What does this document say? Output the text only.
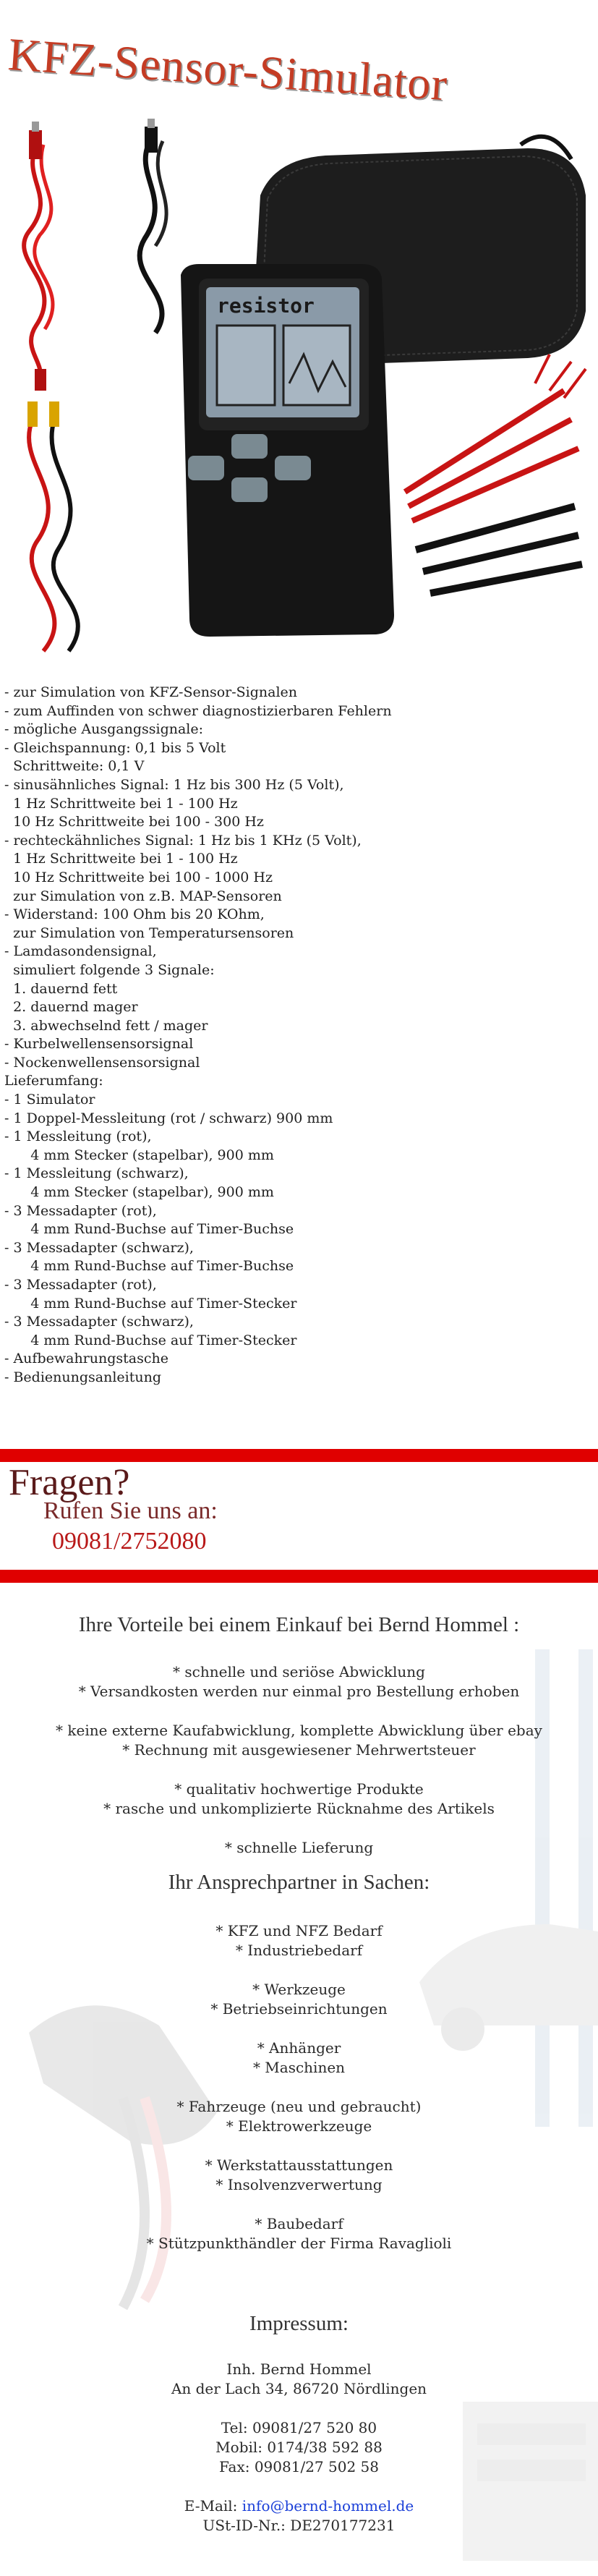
KFZ-Sensor-Simulator
resistor
- zur Simulation von KFZ-Sensor-Signalen
- zum Auffinden von schwer diagnostizierbaren Fehlern
- mögliche Ausgangssignale:
- Gleichspannung: 0,1 bis 5 Volt
Schrittweite: 0,1 V
- sinusähnliches Signal: 1 Hz bis 300 Hz (5 Volt),
1 Hz Schrittweite bei 1 - 100 Hz
10 Hz Schrittweite bei 100 - 300 Hz
- rechteckähnliches Signal: 1 Hz bis 1 KHz (5 Volt),
1 Hz Schrittweite bei 1 - 100 Hz
10 Hz Schrittweite bei 100 - 1000 Hz
zur Simulation von z.B. MAP-Sensoren
- Widerstand: 100 Ohm bis 20 KOhm,
zur Simulation von Temperatursensoren
- Lamdasondensignal,
simuliert folgende 3 Signale:
1. dauernd fett
2. dauernd mager
3. abwechselnd fett / mager
- Kurbelwellensensorsignal
- Nockenwellensensorsignal
Lieferumfang:
- 1 Simulator
- 1 Doppel-Messleitung (rot / schwarz) 900 mm
- 1 Messleitung (rot),
4 mm Stecker (stapelbar), 900 mm
- 1 Messleitung (schwarz),
4 mm Stecker (stapelbar), 900 mm
- 3 Messadapter (rot),
4 mm Rund-Buchse auf Timer-Buchse
- 3 Messadapter (schwarz),
4 mm Rund-Buchse auf Timer-Buchse
- 3 Messadapter (rot),
4 mm Rund-Buchse auf Timer-Stecker
- 3 Messadapter (schwarz),
4 mm Rund-Buchse auf Timer-Stecker
- Aufbewahrungstasche
- Bedienungsanleitung
Fragen?
Rufen Sie uns an:
09081/2752080
Ihre Vorteile bei einem Einkauf bei Bernd Hommel :
* schnelle und seriöse Abwicklung
* Versandkosten werden nur einmal pro Bestellung erhoben
* keine externe Kaufabwicklung, komplette Abwicklung über ebay
* Rechnung mit ausgewiesener Mehrwertsteuer
* qualitativ hochwertige Produkte
* rasche und unkomplizierte Rücknahme des Artikels
* schnelle Lieferung
Ihr Ansprechpartner in Sachen:
* KFZ und NFZ Bedarf
* Industriebedarf
* Werkzeuge
* Betriebseinrichtungen
* Anhänger
* Maschinen
* Fahrzeuge (neu und gebraucht)
* Elektrowerkzeuge
* Werkstattausstattungen
* Insolvenzverwertung
* Baubedarf
* Stützpunkthändler der Firma Ravaglioli
Impressum:
Inh. Bernd Hommel
An der Lach 34, 86720 Nördlingen
Tel: 09081/27 520 80
Mobil: 0174/38 592 88
Fax: 09081/27 502 58
E-Mail: info@bernd-hommel.de
USt-ID-Nr.: DE270177231
